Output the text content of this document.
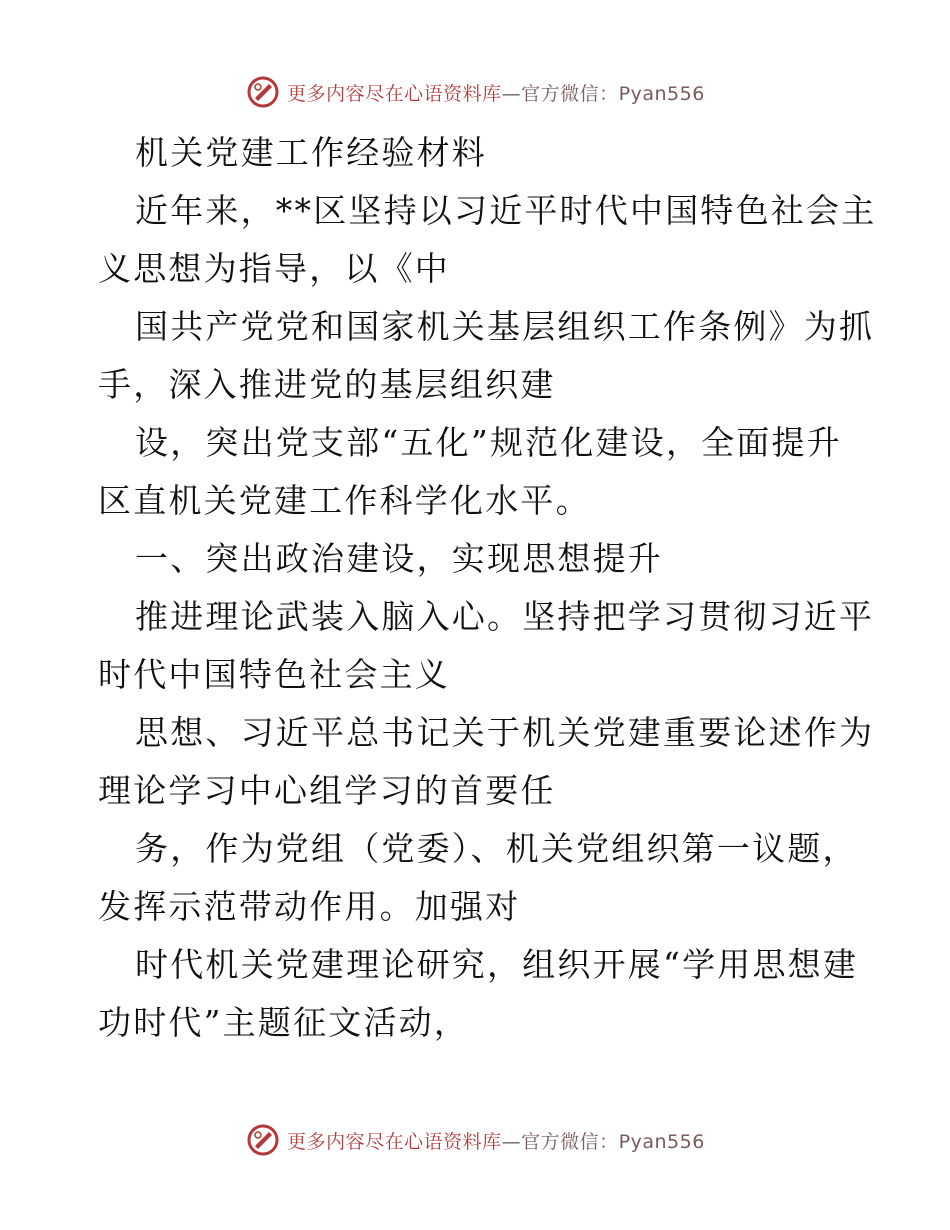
更多内容尽在心语资料库—官方微信：Pyan556
机关党建工作经验材料
近年来，**区坚持以习近平时代中国特色社会主
义思想为指导，以《中
国共产党党和国家机关基层组织工作条例》为抓
手，深入推进党的基层组织建
设，突出党支部“五化”规范化建设，全面提升
区直机关党建工作科学化水平。
一、突出政治建设，实现思想提升
推进理论武装入脑入心。坚持把学习贯彻习近平
时代中国特色社会主义
思想、习近平总书记关于机关党建重要论述作为
理论学习中心组学习的首要任
务，作为党组（党委）、机关党组织第一议题，
发挥示范带动作用。加强对
时代机关党建理论研究，组织开展“学用思想建
功时代”主题征文活动，
更多内容尽在心语资料库—官方微信：Pyan556
